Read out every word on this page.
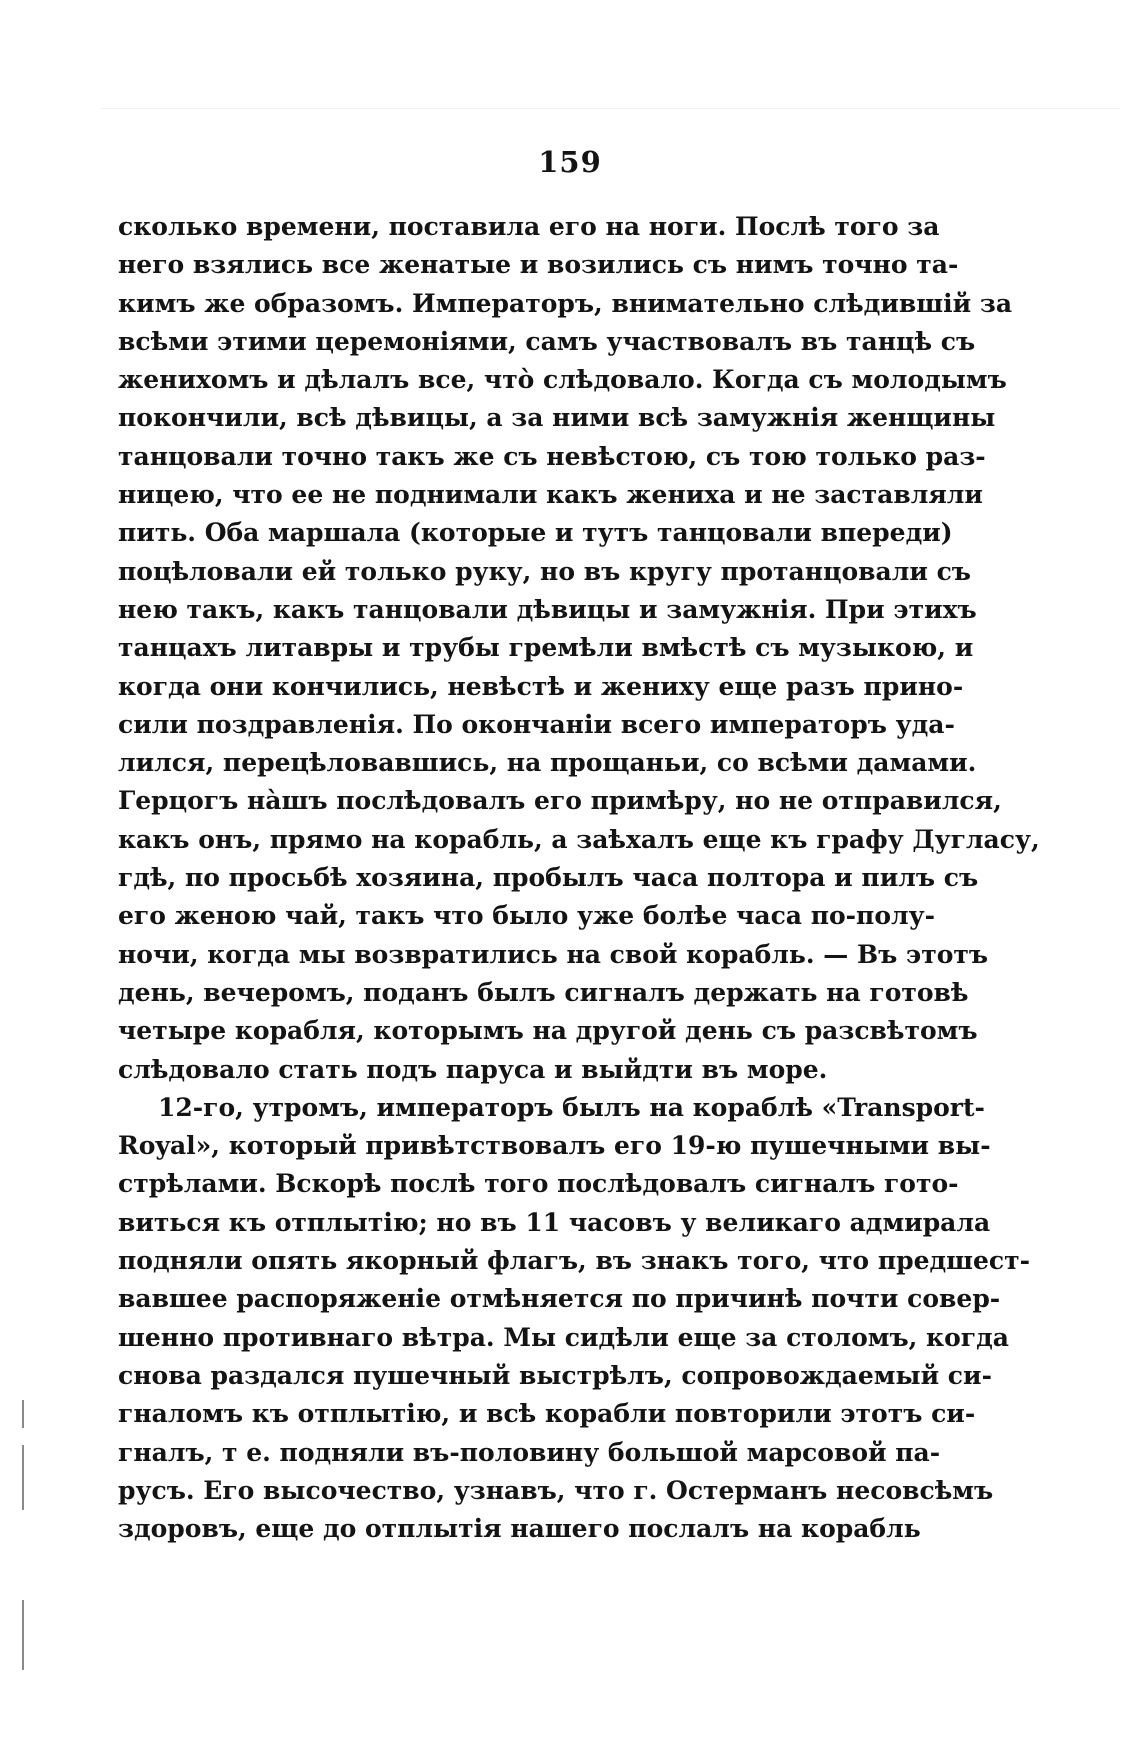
159
сколько времени, поставила его на ноги. Послѣ того за
него взялись все женатые и возились съ нимъ точно та-
кимъ же образомъ. Императоръ, внимательно слѣдившій за
всѣми этими церемоніями, самъ участвовалъ въ танцѣ съ
женихомъ и дѣлалъ все, что̀ слѣдовало. Когда съ молодымъ
покончили, всѣ дѣвицы, а за ними всѣ замужнія женщины
танцовали точно такъ же съ невѣстою, съ тою только раз-
ницею, что ее не поднимали какъ жениха и не заставляли
пить. Оба маршала (которые и тутъ танцовали впереди)
поцѣловали ей только руку, но въ кругу протанцовали съ
нею такъ, какъ танцовали дѣвицы и замужнія. При этихъ
танцахъ литавры и трубы гремѣли вмѣстѣ съ музыкою, и
когда они кончились, невѣстѣ и жениху еще разъ прино-
сили поздравленія. По окончаніи всего императоръ уда-
лился, перецѣловавшись, на прощаньи, со всѣми дамами.
Герцогъ на̀шъ послѣдовалъ его примѣру, но не отправился,
какъ онъ, прямо на корабль, а заѣхалъ еще къ графу Дугласу,
гдѣ, по просьбѣ хозяина, пробылъ часа полтора и пилъ съ
его женою чай, такъ что было уже болѣе часа по-полу-
ночи, когда мы возвратились на свой корабль. — Въ этотъ
день, вечеромъ, поданъ былъ сигналъ держать на готовѣ
четыре корабля, которымъ на другой день съ разсвѣтомъ
слѣдовало стать подъ паруса и выйдти въ море.
12-го, утромъ, императоръ былъ на кораблѣ «Transport-
Royal», который привѣтствовалъ его 19-ю пушечными вы-
стрѣлами. Вскорѣ послѣ того послѣдовалъ сигналъ гото-
виться къ отплытію; но въ 11 часовъ у великаго адмирала
подняли опять якорный флагъ, въ знакъ того, что предшест-
вавшее распоряженіе отмѣняется по причинѣ почти совер-
шенно противнаго вѣтра. Мы сидѣли еще за столомъ, когда
снова раздался пушечный выстрѣлъ, сопровождаемый си-
гналомъ къ отплытію, и всѣ корабли повторили этотъ си-
гналъ, т е. подняли въ-половину большой марсовой па-
русъ. Его высочество, узнавъ, что г. Остерманъ несовсѣмъ
здоровъ, еще до отплытія нашего послалъ на корабль
